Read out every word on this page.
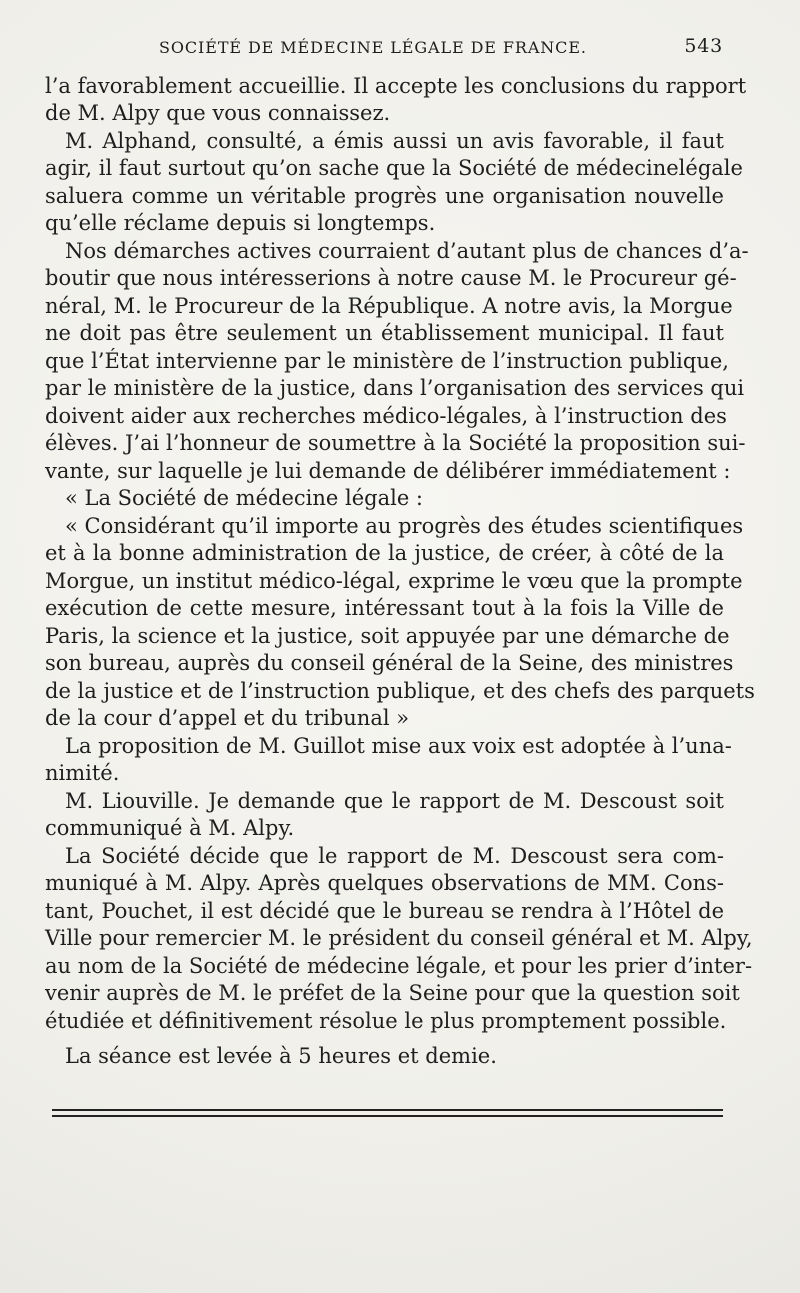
SOCIÉTÉ DE MÉDECINE LÉGALE DE FRANCE.	543
l’a favorablement accueillie. Il accepte les conclusions du rapport
de M. Alpy que vous connaissez.
M. Alphand, consulté, a émis aussi un avis favorable, il faut
agir, il faut surtout qu’on sache que la Société de médecinelégale
saluera comme un véritable progrès une organisation nouvelle
qu’elle réclame depuis si longtemps.
Nos démarches actives courraient d’autant plus de chances d’a-
boutir que nous intéresserions à notre cause M. le Procureur gé-
néral, M. le Procureur de la République. A notre avis, la Morgue
ne doit pas être seulement un établissement municipal. Il faut
que l’État intervienne par le ministère de l’instruction publique,
par le ministère de la justice, dans l’organisation des services qui
doivent aider aux recherches médico-légales, à l’instruction des
élèves. J’ai l’honneur de soumettre à la Société la proposition sui-
vante, sur laquelle je lui demande de délibérer immédiatement :
« La Société de médecine légale :
« Considérant qu’il importe au progrès des études scientifiques
et à la bonne administration de la justice, de créer, à côté de la
Morgue, un institut médico-légal, exprime le vœu que la prompte
exécution de cette mesure, intéressant tout à la fois la Ville de
Paris, la science et la justice, soit appuyée par une démarche de
son bureau, auprès du conseil général de la Seine, des ministres
de la justice et de l’instruction publique, et des chefs des parquets
de la cour d’appel et du tribunal »
La proposition de M. Guillot mise aux voix est adoptée à l’una-
nimité.
M. Liouville. Je demande que le rapport de M. Descoust soit
communiqué à M. Alpy.
La Société décide que le rapport de M. Descoust sera com-
muniqué à M. Alpy. Après quelques observations de MM. Cons-
tant, Pouchet, il est décidé que le bureau se rendra à l’Hôtel de
Ville pour remercier M. le président du conseil général et M. Alpy,
au nom de la Société de médecine légale, et pour les prier d’inter-
venir auprès de M. le préfet de la Seine pour que la question soit
étudiée et définitivement résolue le plus promptement possible.
La séance est levée à 5 heures et demie.
